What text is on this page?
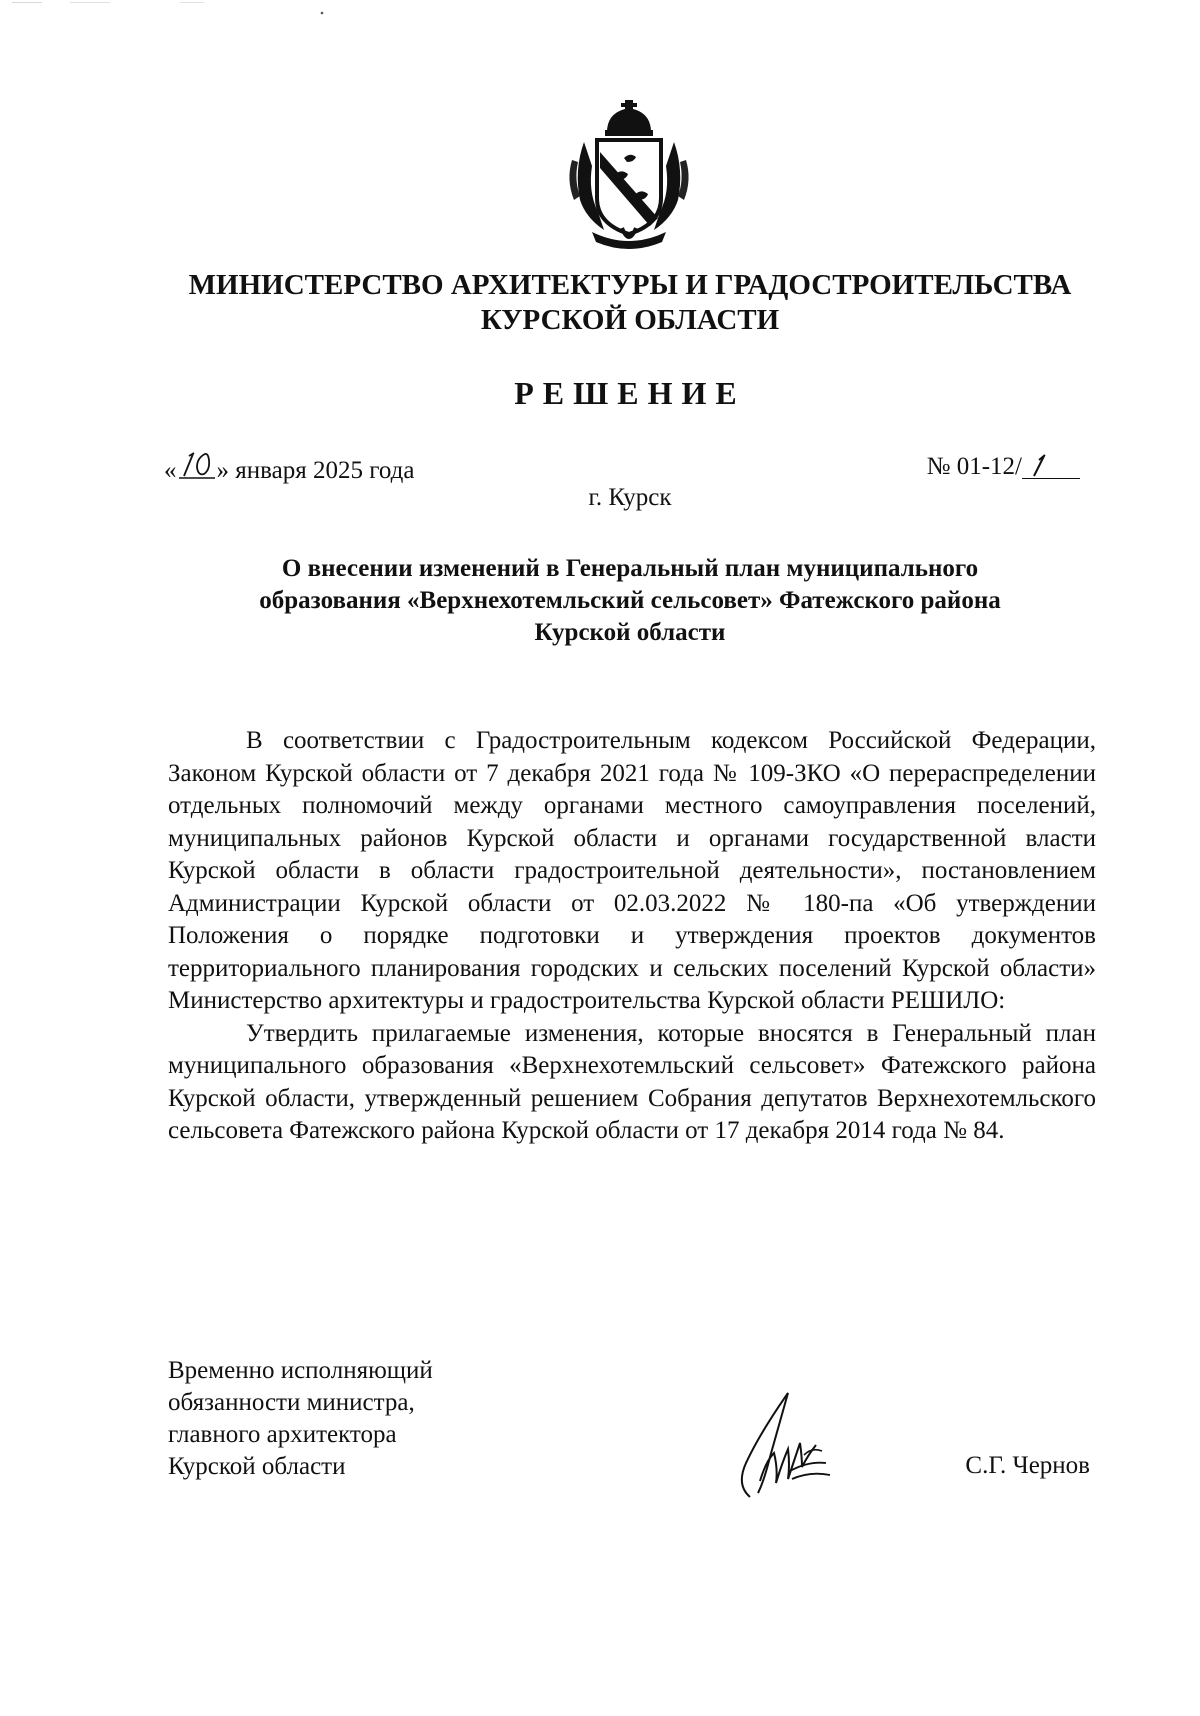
МИНИСТЕРСТВО АРХИТЕКТУРЫ И ГРАДОСТРОИТЕЛЬСТВА
КУРСКОЙ ОБЛАСТИ
РЕШЕНИЕ
« » января 2025 года	№ 01-12/
г. Курск
О внесении изменений в Генеральный план муниципального
образования «Верхнехотемльский сельсовет» Фатежского района
Курской области

В соответствии с Градостроительным кодексом Российской Федерации, Законом Курской области от 7 декабря 2021 года № 109-ЗКО «О перераспределении отдельных полномочий между органами местного самоуправления поселений, муниципальных районов Курской области и органами государственной власти Курской области в области градостроительной деятельности», постановлением Администрации Курской области от 02.03.2022 № 180-па «Об утверждении Положения о порядке подготовки и утверждения проектов документов территориального планирования городских и сельских поселений Курской области» Министерство архитектуры и градостроительства Курской области РЕШИЛО:

Утвердить прилагаемые изменения, которые вносятся в Генеральный план муниципального образования «Верхнехотемльский сельсовет» Фатежского района Курской области, утвержденный решением Собрания депутатов Верхнехотемльского сельсовета Фатежского района Курской области от 17 декабря 2014 года № 84.

Временно исполняющий
обязанности министра,
главного архитектора
Курской области	С.Г. Чернов
